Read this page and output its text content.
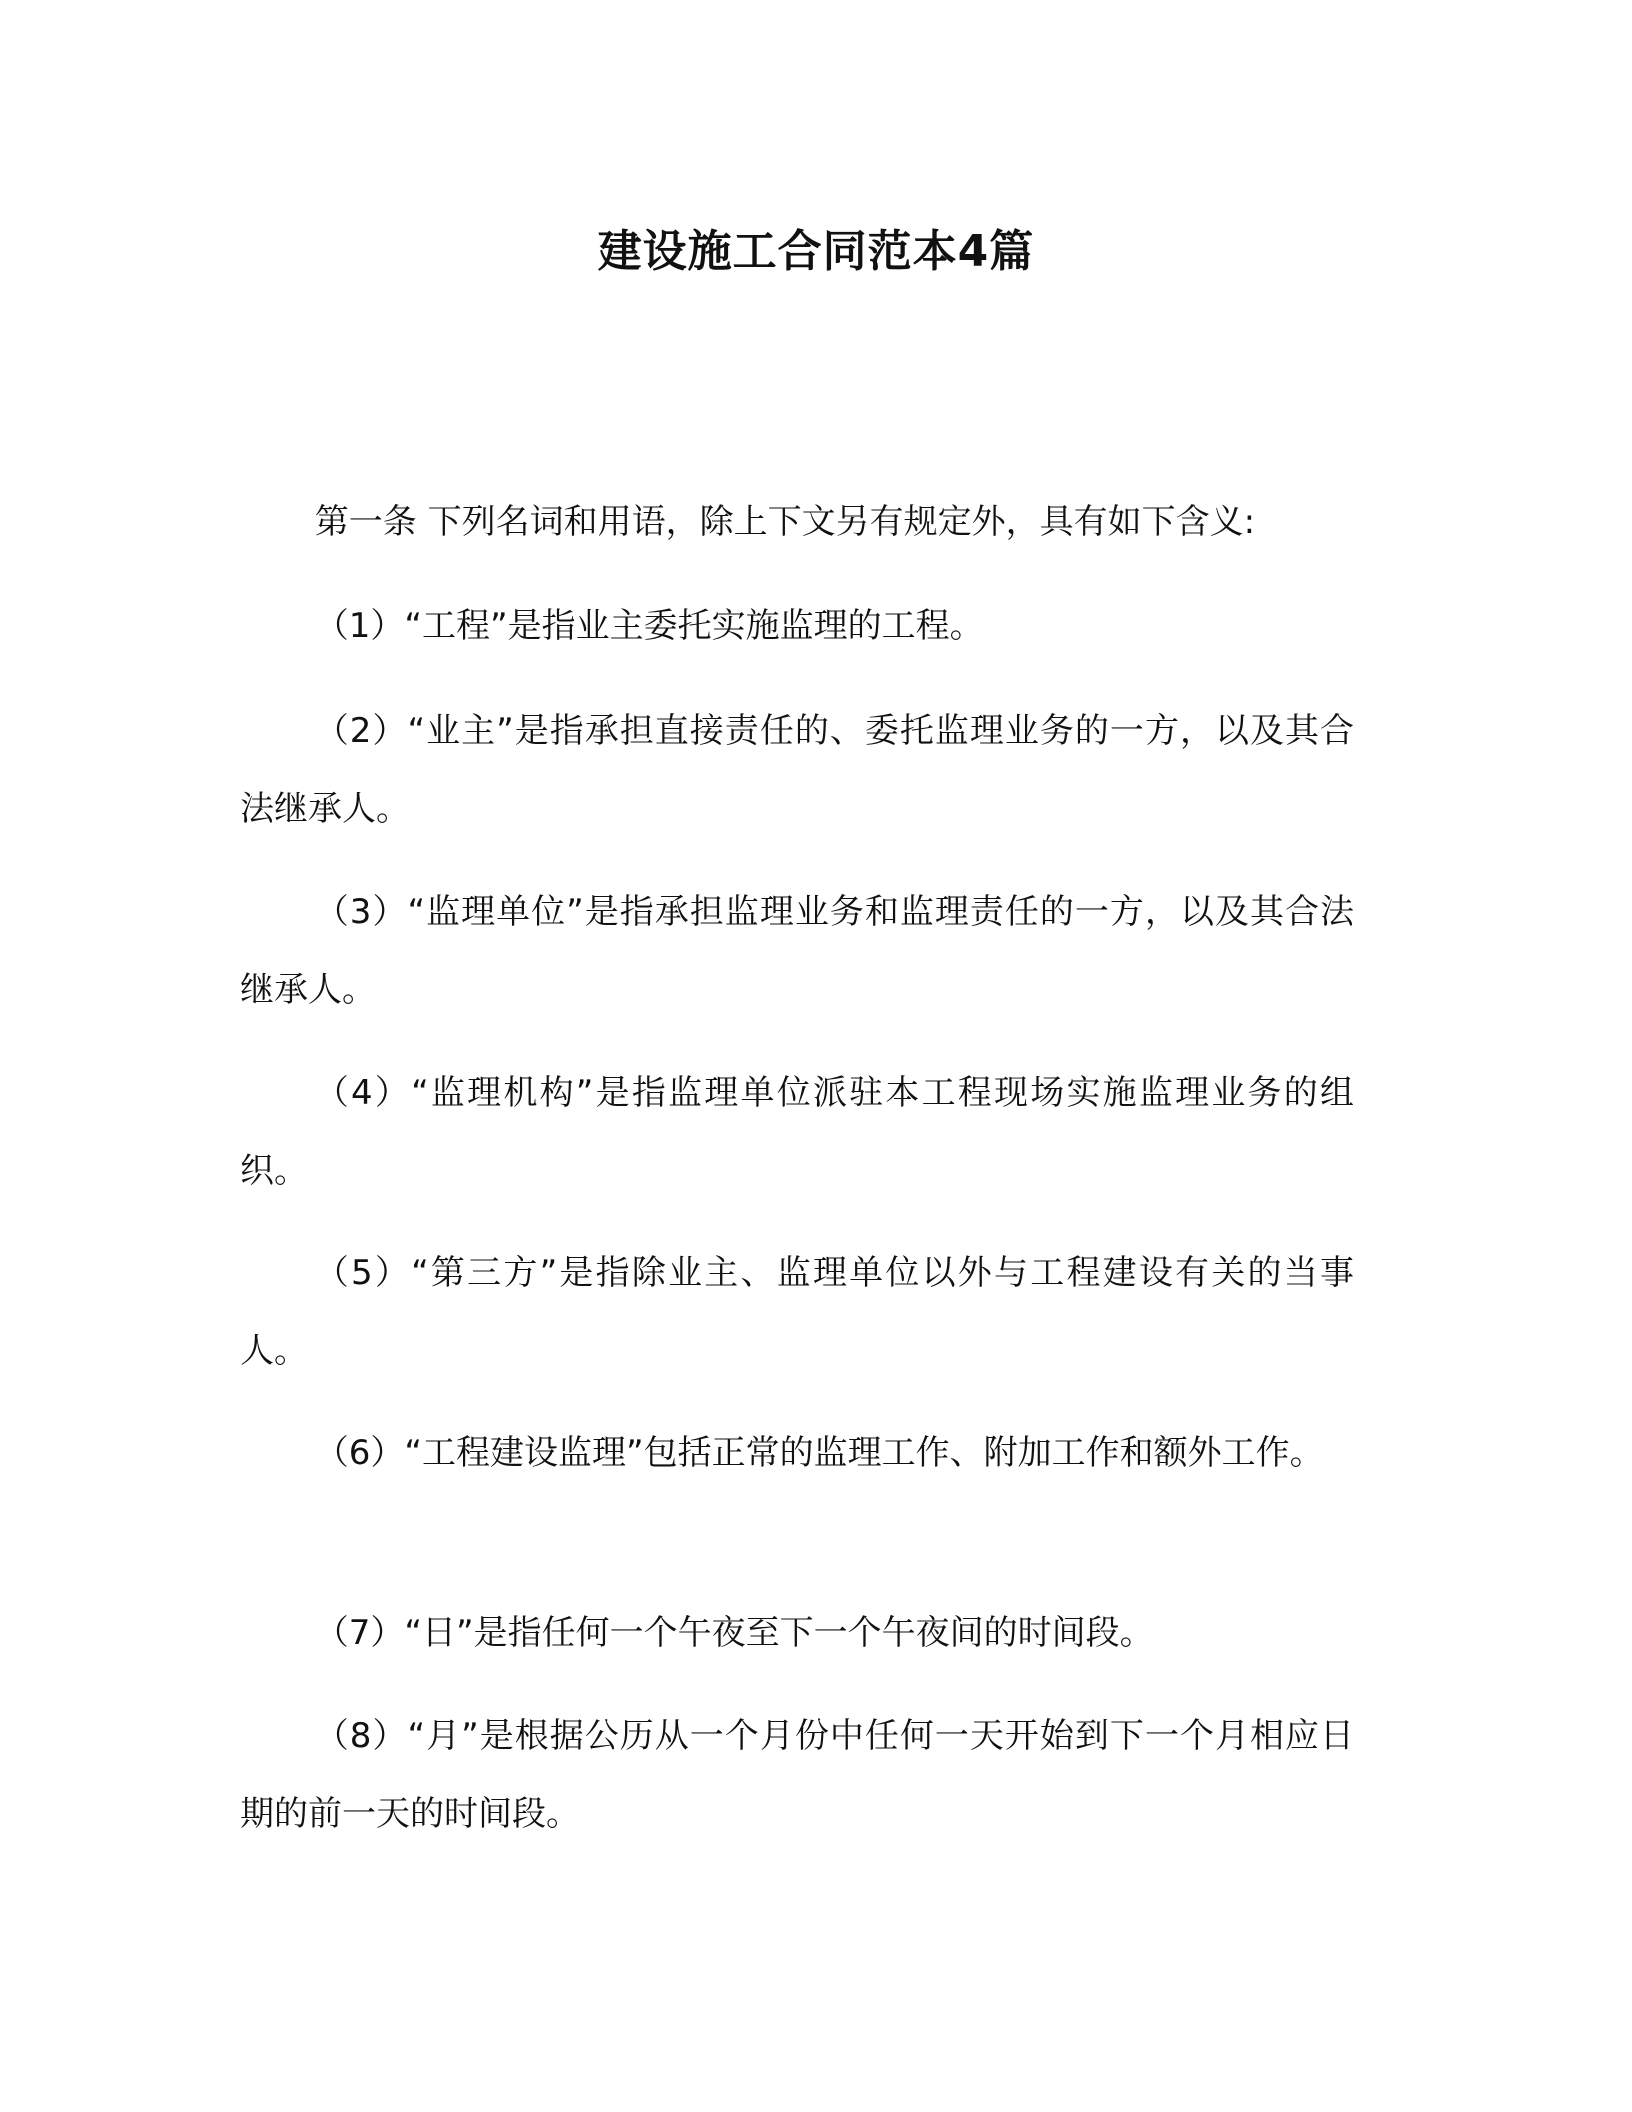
建设施工合同范本4篇

第一条 下列名词和用语，除上下文另有规定外，具有如下含义:

（1）“工程”是指业主委托实施监理的工程。

（2）“业主”是指承担直接责任的、委托监理业务的一方，以及其合法继承人。

（3）“监理单位”是指承担监理业务和监理责任的一方，以及其合法继承人。

（4）“监理机构”是指监理单位派驻本工程现场实施监理业务的组织。

（5）“第三方”是指除业主、监理单位以外与工程建设有关的当事人。

（6）“工程建设监理”包括正常的监理工作、附加工作和额外工作。

（7）“日”是指任何一个午夜至下一个午夜间的时间段。

（8）“月”是根据公历从一个月份中任何一天开始到下一个月相应日期的前一天的时间段。
